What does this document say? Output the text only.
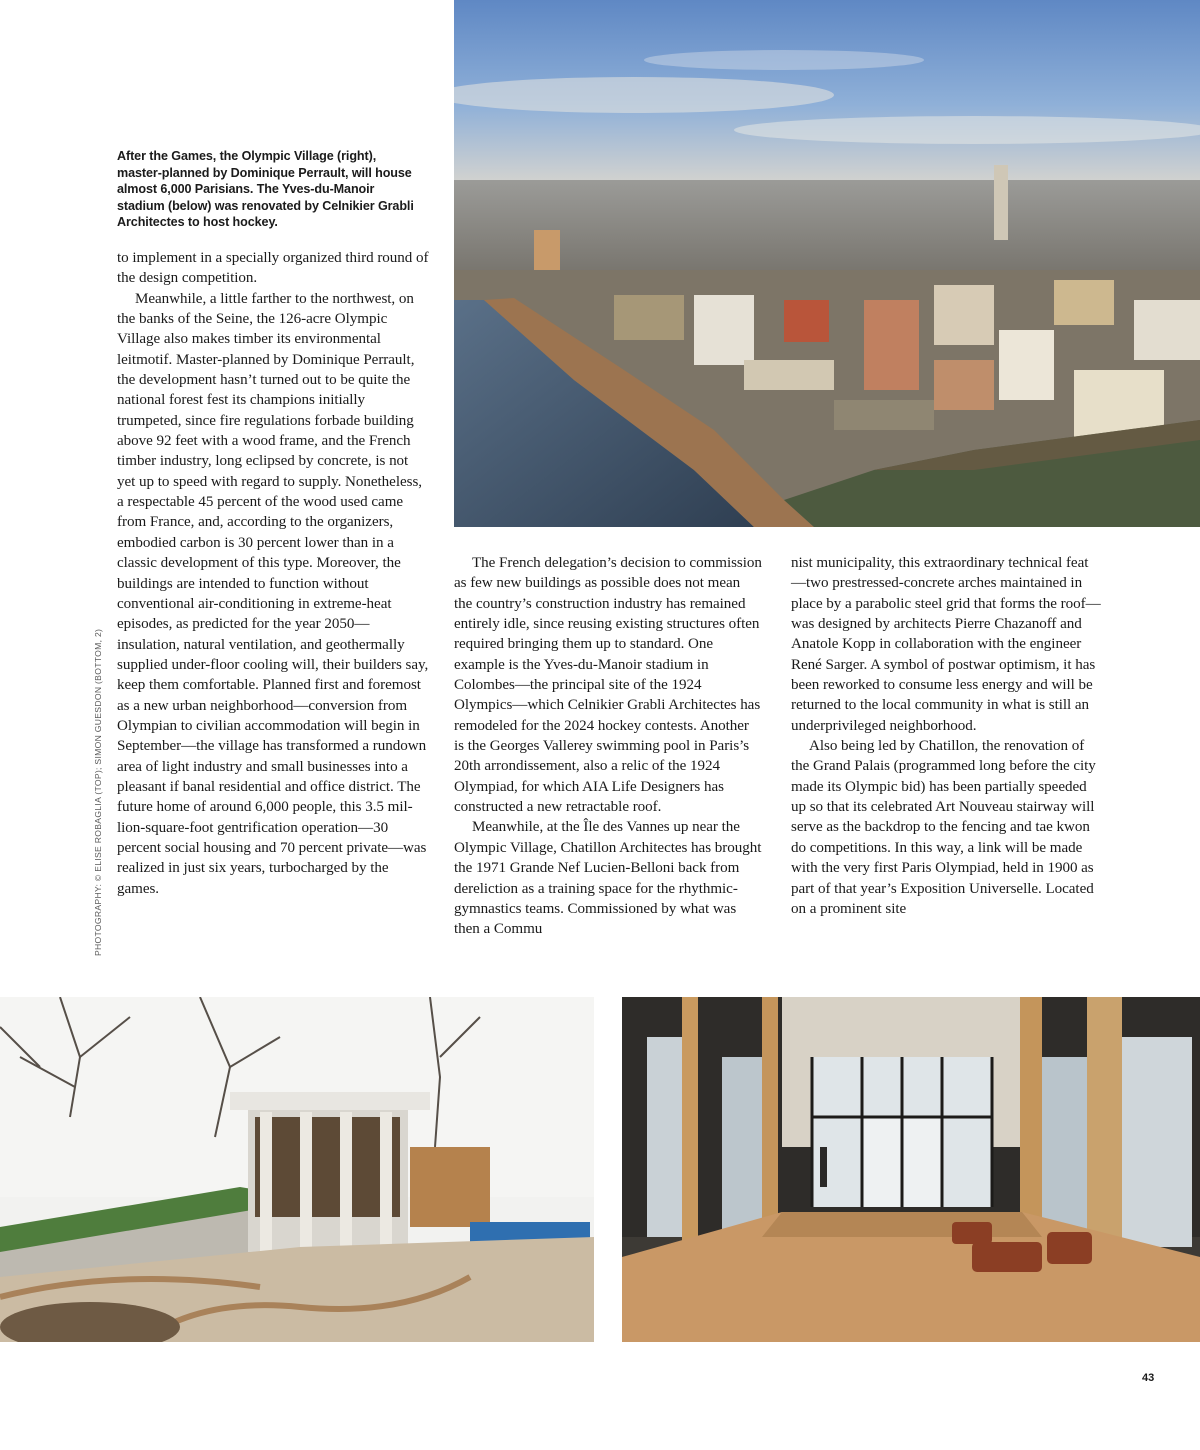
After the Games, the Olympic Village (right), master-planned by Dominique Perrault, will house almost 6,000 Parisians. The Yves-du-Manoir stadium (below) was renovated by Celnikier Grabli Architectes to host hockey.

to implement in a specially organized third round of the design competition.

Meanwhile, a little farther to the northwest, on the banks of the Seine, the 126-acre Olympic Village also makes timber its environmental leitmotif. Master-planned by Dominique Perrault, the development hasn’t turned out to be quite the national forest fest its champions initially trumpeted, since fire regulations forbade building above 92 feet with a wood frame, and the French timber industry, long eclipsed by concrete, is not yet up to speed with regard to supply. Nonetheless, a respectable 45 percent of the wood used came from France, and, according to the organizers, embodied carbon is 30 percent lower than in a classic development of this type. Moreover, the buildings are intended to function without conventional air-conditioning in extreme-heat episodes, as predicted for the year 2050—insulation, natural ventilation, and geothermally supplied under-floor cooling will, their builders say, keep them comfortable. Planned first and foremost as a new urban neighborhood—conversion from Olympian to civilian accommodation will begin in September—the village has transformed a rundown area of light industry and small businesses into a pleasant if banal residential and office district. The future home of around 6,000 people, this 3.5 million-square-foot gentrification operation—30 percent social housing and 70 percent private—was realized in just six years, turbocharged by the games.

The French delegation’s decision to commission as few new buildings as possible does not mean the country’s construction industry has remained entirely idle, since reusing existing structures often required bringing them up to standard. One example is the Yves-du-Manoir stadium in Colombes—the principal site of the 1924 Olympics—which Celnikier Grabli Architectes has remodeled for the 2024 hockey contests. Another is the Georges Vallerey swimming pool in Paris’s 20th arrondissement, also a relic of the 1924 Olympiad, for which AIA Life Designers has constructed a new retractable roof.

Meanwhile, at the Île des Vannes up near the Olympic Village, Chatillon Architectes has brought the 1971 Grande Nef Lucien-Belloni back from dereliction as a training space for the rhythmic-gymnastics teams. Commissioned by what was then a Commu

nist municipality, this extraordinary technical feat—two prestressed-concrete arches maintained in place by a parabolic steel grid that forms the roof—was designed by architects Pierre Chazanoff and Anatole Kopp in collaboration with the engineer René Sarger. A symbol of postwar optimism, it has been reworked to consume less energy and will be returned to the local community in what is still an underprivileged neighborhood.

Also being led by Chatillon, the renovation of the Grand Palais (programmed long before the city made its Olympic bid) has been partially speeded up so that its celebrated Art Nouveau stairway will serve as the backdrop to the fencing and tae kwon do competitions. In this way, a link will be made with the very first Paris Olympiad, held in 1900 as part of that year’s Exposition Universelle. Located on a prominent site

PHOTOGRAPHY: © ELISE ROBAGLIA (TOP); SIMON GUESDON (BOTTOM, 2)
43
